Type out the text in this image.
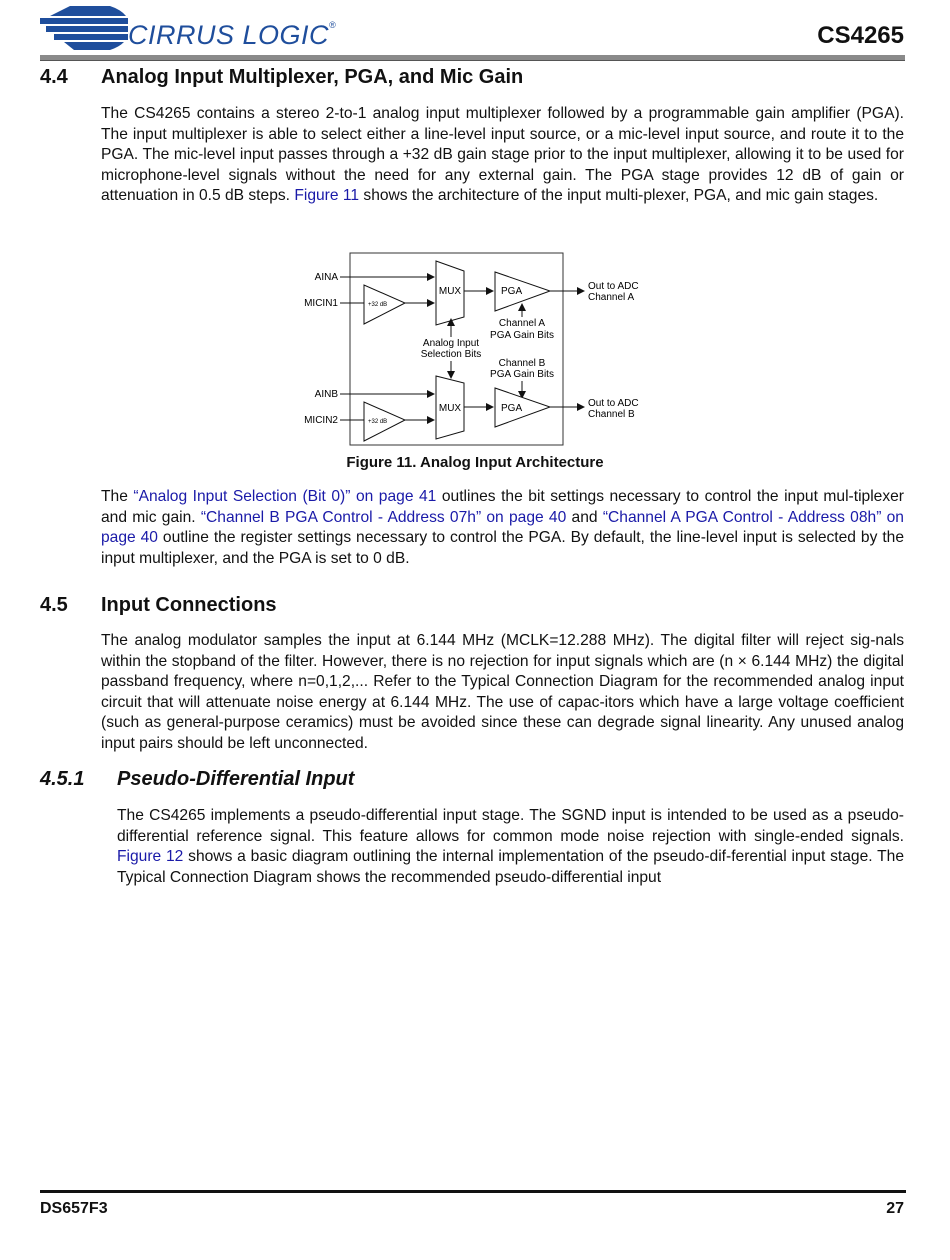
CIRRUS LOGIC®	CS4265
4.4 Analog Input Multiplexer, PGA, and Mic Gain

The CS4265 contains a stereo 2-to-1 analog input multiplexer followed by a programmable gain amplifier (PGA). The input multiplexer is able to select either a line-level input source, or a mic-level input source, and route it to the PGA. The mic-level input passes through a +32 dB gain stage prior to the input multiplexer, allowing it to be used for microphone-level signals without the need for any external gain. The PGA stage provides 12 dB of gain or attenuation in 0.5 dB steps. Figure 11 shows the architecture of the input multi-plexer, PGA, and mic gain stages.

AINA
MICIN1	+32 dB
MUX	PGA	Out to ADC
Channel A
Channel A
PGA Gain Bits
Analog Input
Selection Bits
Channel B
PGA Gain Bits
AINB
MICIN2	+32 dB
MUX	PGA	Out to ADC
Channel B
Figure 11. Analog Input Architecture

The “Analog Input Selection (Bit 0)” on page 41 outlines the bit settings necessary to control the input mul-tiplexer and mic gain. “Channel B PGA Control - Address 07h” on page 40 and “Channel A PGA Control - Address 08h” on page 40 outline the register settings necessary to control the PGA. By default, the line-level input is selected by the input multiplexer, and the PGA is set to 0 dB.

4.5 Input Connections

The analog modulator samples the input at 6.144 MHz (MCLK=12.288 MHz). The digital filter will reject sig-nals within the stopband of the filter. However, there is no rejection for input signals which are (n × 6.144 MHz) the digital passband frequency, where n=0,1,2,... Refer to the Typical Connection Diagram for the recommended analog input circuit that will attenuate noise energy at 6.144 MHz. The use of capac-itors which have a large voltage coefficient (such as general-purpose ceramics) must be avoided since these can degrade signal linearity. Any unused analog input pairs should be left unconnected.

4.5.1 Pseudo-Differential Input

The CS4265 implements a pseudo-differential input stage. The SGND input is intended to be used as a pseudo-differential reference signal. This feature allows for common mode noise rejection with single-ended signals. Figure 12 shows a basic diagram outlining the internal implementation of the pseudo-dif-ferential input stage. The Typical Connection Diagram shows the recommended pseudo-differential input

DS657F3	27
